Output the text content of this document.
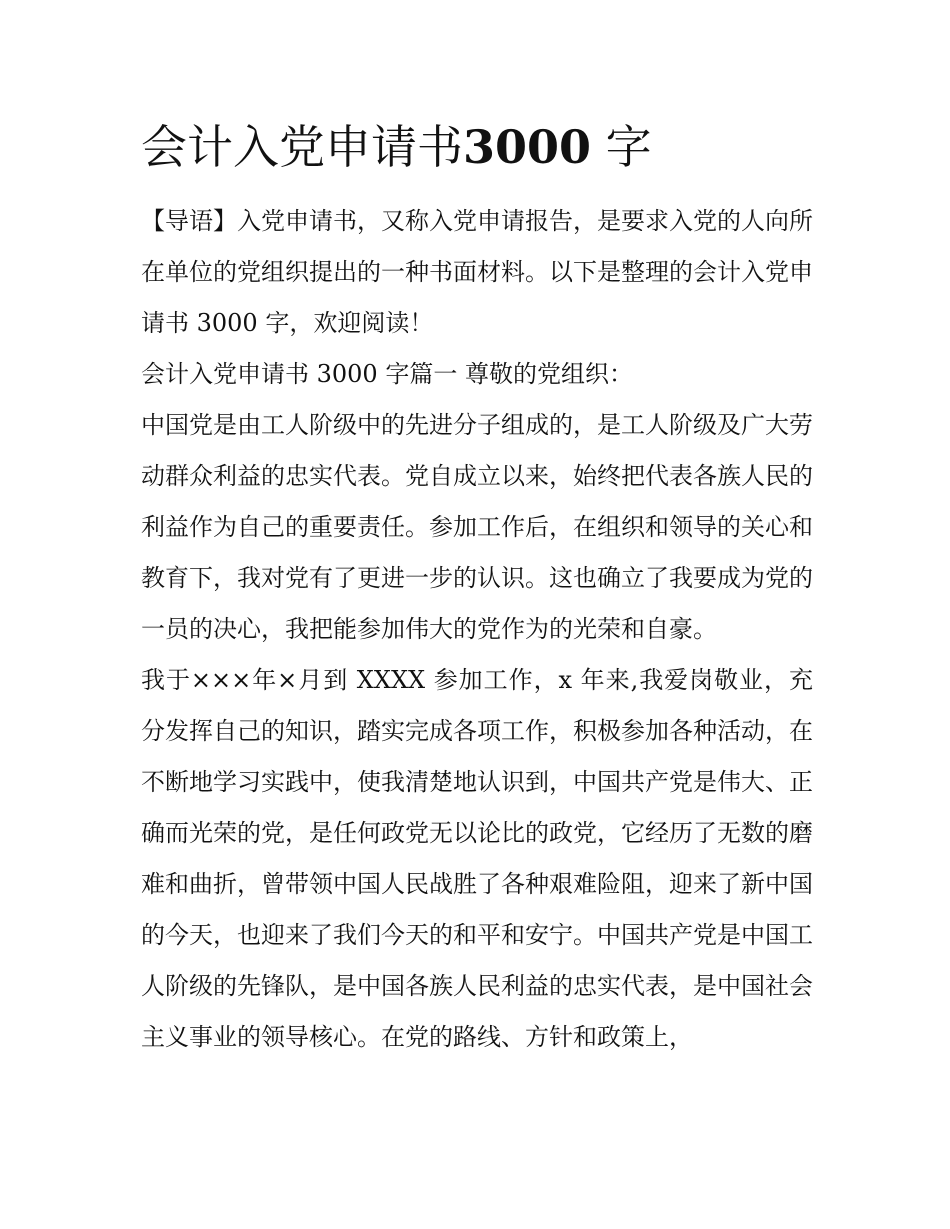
会计入党申请书3000 字

【导语】入党申请书，又称入党申请报告，是要求入党的人向所在单位的党组织提出的一种书面材料。以下是整理的会计入党申请书 3000 字，欢迎阅读！

会计入党申请书 3000 字篇一 尊敬的党组织：

中国党是由工人阶级中的先进分子组成的，是工人阶级及广大劳动群众利益的忠实代表。党自成立以来，始终把代表各族人民的利益作为自己的重要责任。参加工作后，在组织和领导的关心和教育下，我对党有了更进一步的认识。这也确立了我要成为党的一员的决心，我把能参加伟大的党作为的光荣和自豪。

我于×××年×月到 XXXX 参加工作，x 年来,我爱岗敬业，充分发挥自己的知识，踏实完成各项工作，积极参加各种活动，在不断地学习实践中，使我清楚地认识到，中国共产党是伟大、正确而光荣的党，是任何政党无以论比的政党，它经历了无数的磨难和曲折，曾带领中国人民战胜了各种艰难险阻，迎来了新中国的今天，也迎来了我们今天的和平和安宁。中国共产党是中国工人阶级的先锋队，是中国各族人民利益的忠实代表，是中国社会主义事业的领导核心。在党的路线、方针和政策上，
